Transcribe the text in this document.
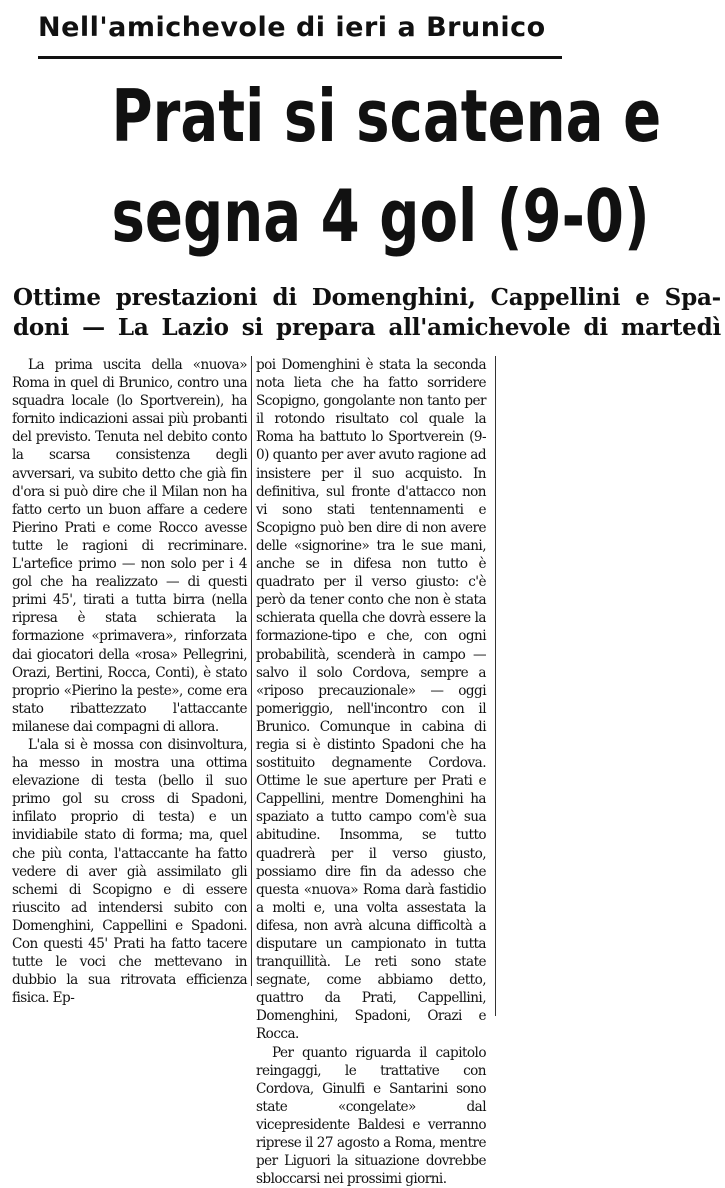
Nell'amichevole di ieri a Brunico
Prati si scatena e
segna 4 gol (9-0)
Ottime prestazioni di Domenghini, Cappellini e Spa-
doni — La Lazio si prepara all'amichevole di martedì

La prima uscita della «nuova» Roma in quel di Brunico, contro una squadra locale (lo Sportverein), ha fornito indicazioni assai più probanti del previsto. Tenuta nel debito conto la scarsa consistenza degli avversari, va subito detto che già fin d'ora si può dire che il Milan non ha fatto certo un buon affare a cedere Pierino Prati e come Rocco avesse tutte le ragioni di recriminare. L'artefice primo — non solo per i 4 gol che ha realizzato — di questi primi 45', tirati a tutta birra (nella ripresa è stata schierata la formazione «primavera», rinforzata dai giocatori della «rosa» Pellegrini, Orazi, Bertini, Rocca, Conti), è stato proprio «Pierino la peste», come era stato ribattezzato l'attaccante milanese dai compagni di allora.

L'ala si è mossa con disinvoltura, ha messo in mostra una ottima elevazione di testa (bello il suo primo gol su cross di Spadoni, infilato proprio di testa) e un invidiabile stato di forma; ma, quel che più conta, l'attaccante ha fatto vedere di aver già assimilato gli schemi di Scopigno e di essere riuscito ad intendersi subito con Domenghini, Cappellini e Spadoni. Con questi 45' Prati ha fatto tacere tutte le voci che mettevano in dubbio la sua ritrovata efficienza fisica. Ep-

poi Domenghini è stata la seconda nota lieta che ha fatto sorridere Scopigno, gongolante non tanto per il rotondo risultato col quale la Roma ha battuto lo Sportverein (9-0) quanto per aver avuto ragione ad insistere per il suo acquisto. In definitiva, sul fronte d'attacco non vi sono stati tentennamenti e Scopigno può ben dire di non avere delle «signorine» tra le sue mani, anche se in difesa non tutto è quadrato per il verso giusto: c'è però da tener conto che non è stata schierata quella che dovrà essere la formazione-tipo e che, con ogni probabilità, scenderà in campo — salvo il solo Cordova, sempre a «riposo precauzionale» — oggi pomeriggio, nell'incontro con il Brunico. Comunque in cabina di regia si è distinto Spadoni che ha sostituito degnamente Cordova. Ottime le sue aperture per Prati e Cappellini, mentre Domenghini ha spaziato a tutto campo com'è sua abitudine. Insomma, se tutto quadrerà per il verso giusto, possiamo dire fin da adesso che questa «nuova» Roma darà fastidio a molti e, una volta assestata la difesa, non avrà alcuna difficoltà a disputare un campionato in tutta tranquillità. Le reti sono state segnate, come abbiamo detto, quattro da Prati, Cappellini, Domenghini, Spadoni, Orazi e Rocca.

Per quanto riguarda il capitolo reingaggi, le trattative con Cordova, Ginulfi e Santarini sono state «congelate» dal vicepresidente Baldesi e verranno riprese il 27 agosto a Roma, mentre per Liguori la situazione dovrebbe sbloccarsi nei prossimi giorni.
